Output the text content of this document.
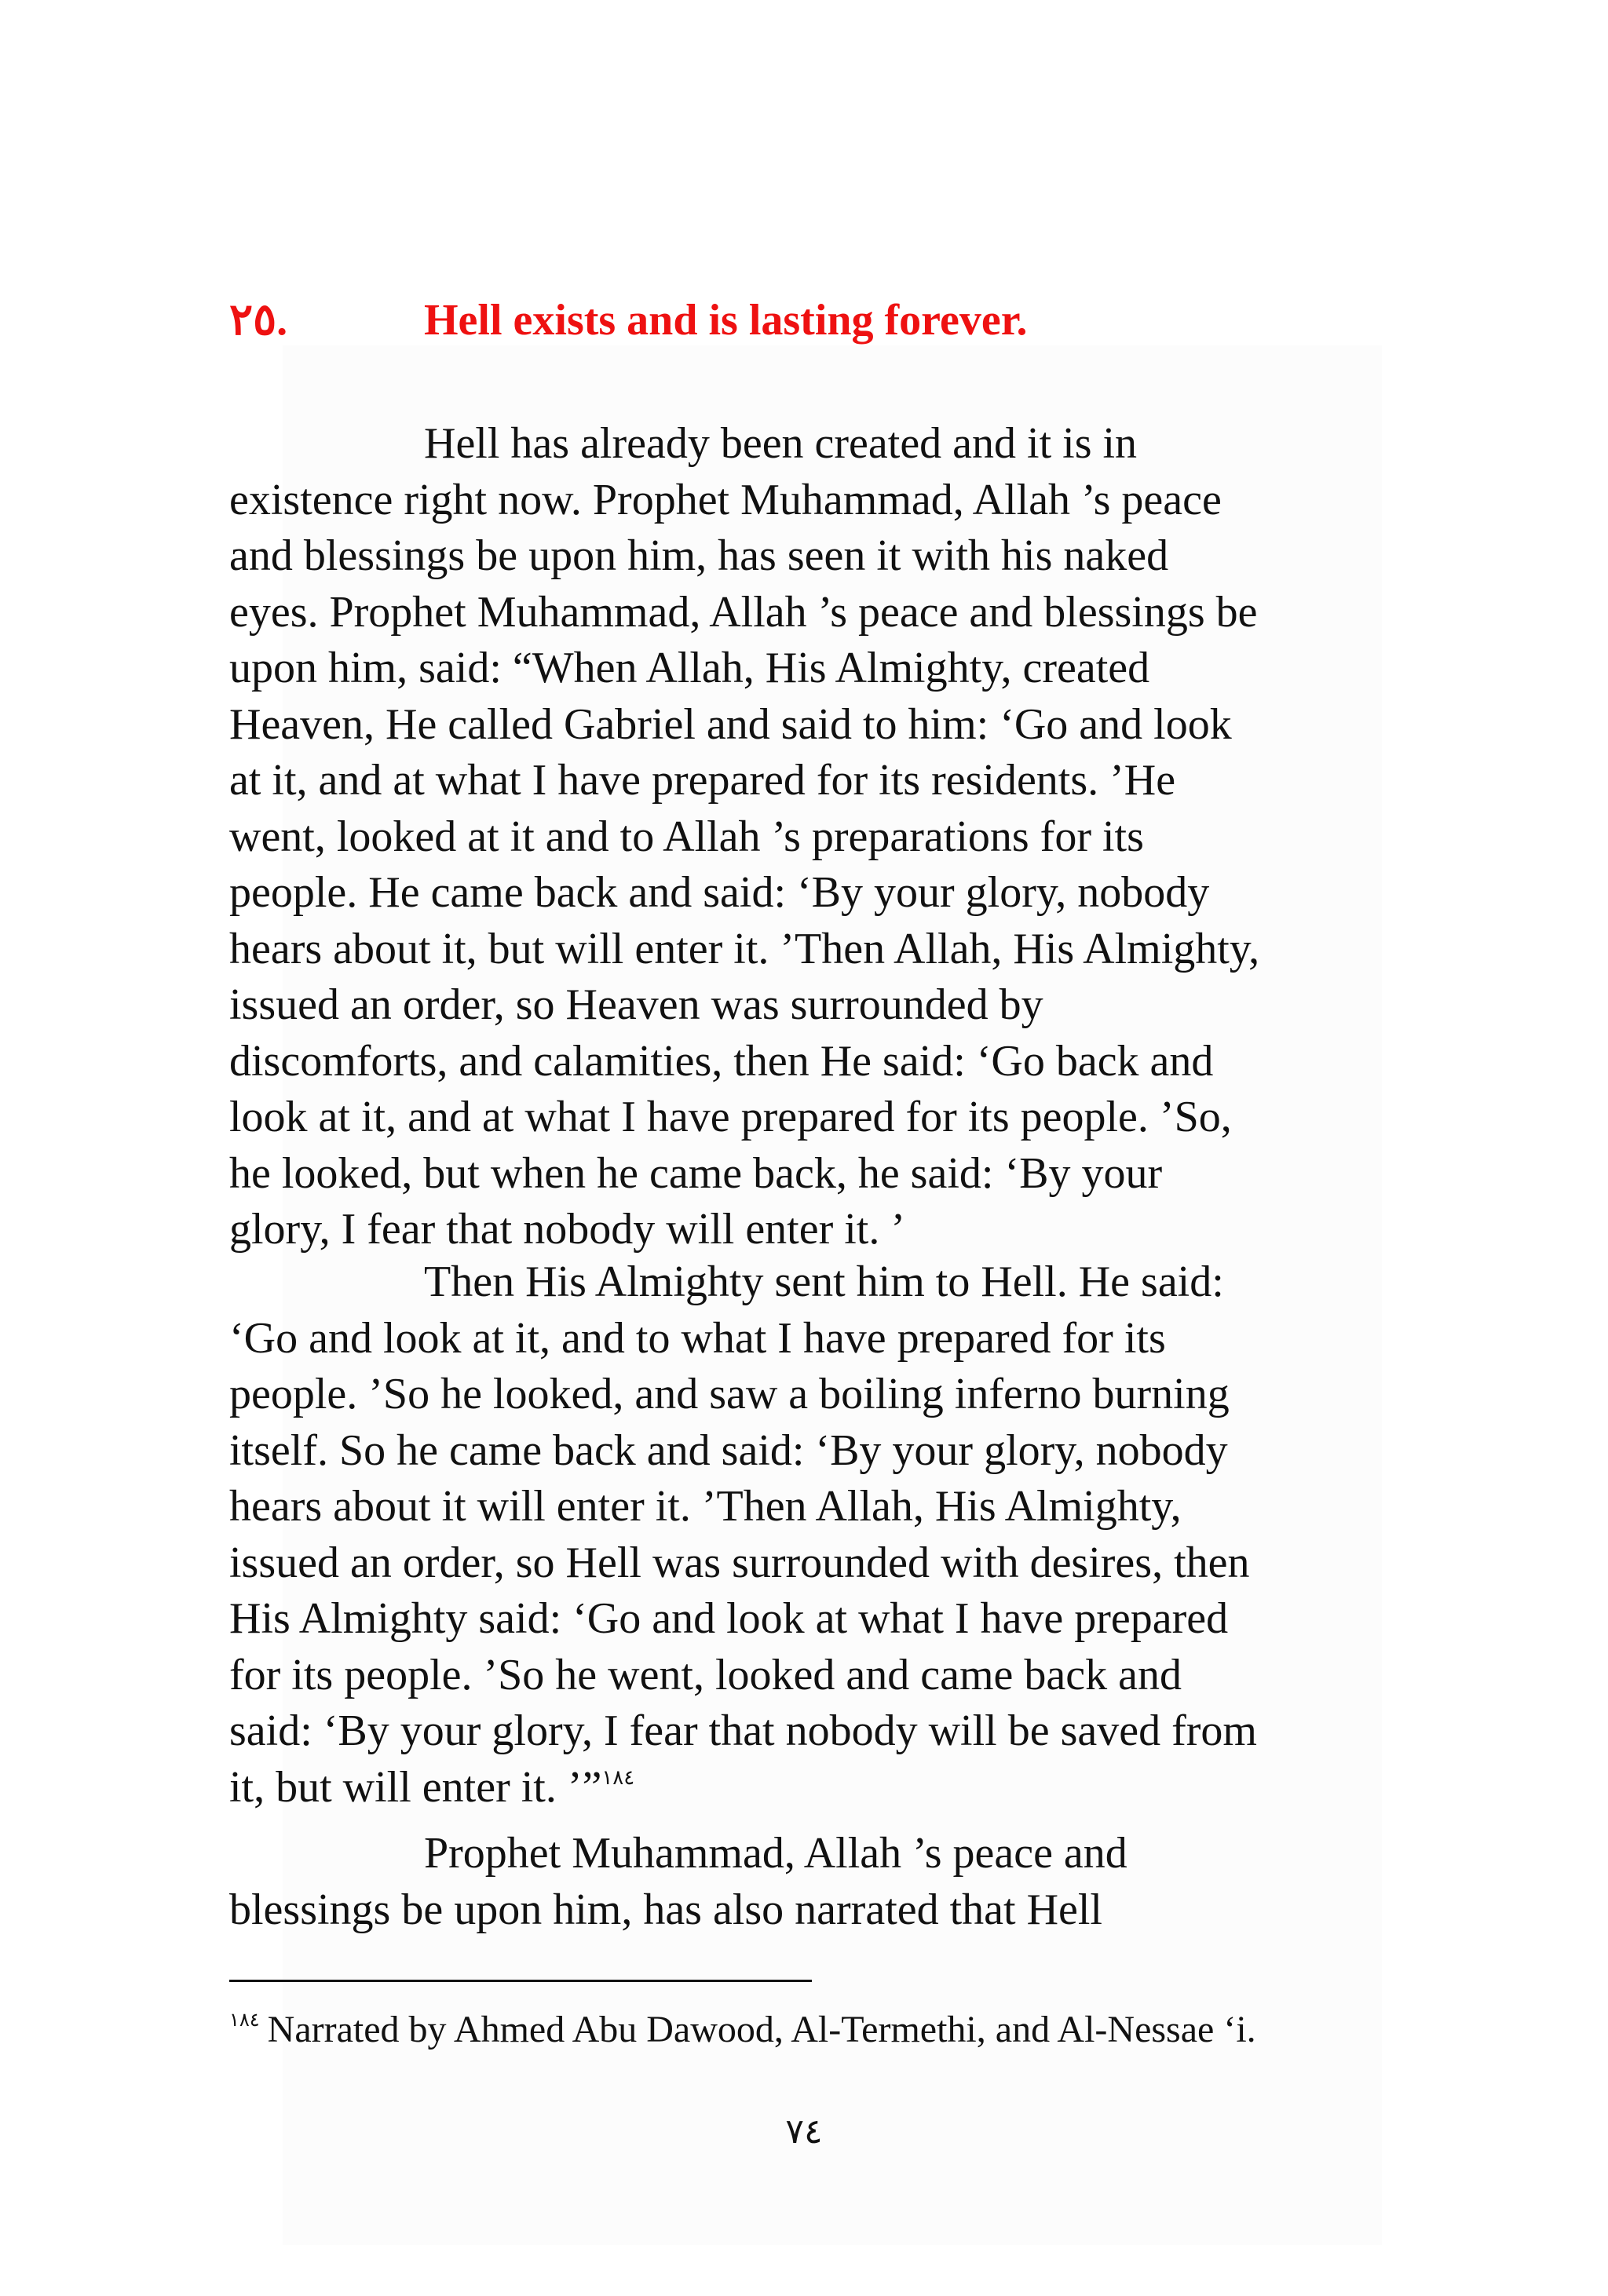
٢٥.	Hell exists and is lasting forever.
Hell has already been created and it is in
existence right now. Prophet Muhammad, Allah ’s peace
and blessings be upon him, has seen it with his naked
eyes. Prophet Muhammad, Allah ’s peace and blessings be
upon him, said: “When Allah, His Almighty, created
Heaven, He called Gabriel and said to him: ‘Go and look
at it, and at what I have prepared for its residents. ’He
went, looked at it and to Allah ’s preparations for its
people. He came back and said: ‘By your glory, nobody
hears about it, but will enter it. ’Then Allah, His Almighty,
issued an order, so Heaven was surrounded by
discomforts, and calamities, then He said: ‘Go back and
look at it, and at what I have prepared for its people. ’So,
he looked, but when he came back, he said: ‘By your
glory, I fear that nobody will enter it. ’
Then His Almighty sent him to Hell. He said:
‘Go and look at it, and to what I have prepared for its
people. ’So he looked, and saw a boiling inferno burning
itself. So he came back and said: ‘By your glory, nobody
hears about it will enter it. ’Then Allah, His Almighty,
issued an order, so Hell was surrounded with desires, then
His Almighty said: ‘Go and look at what I have prepared
for its people. ’So he went, looked and came back and
said: ‘By your glory, I fear that nobody will be saved from
it, but will enter it. ’”$^{١٨٤}$
Prophet Muhammad, Allah ’s peace and
blessings be upon him, has also narrated that Hell
$^{١٨٤}$ Narrated by Ahmed Abu Dawood, Al-Termethi, and Al-Nessae ‘i.
٧٤
